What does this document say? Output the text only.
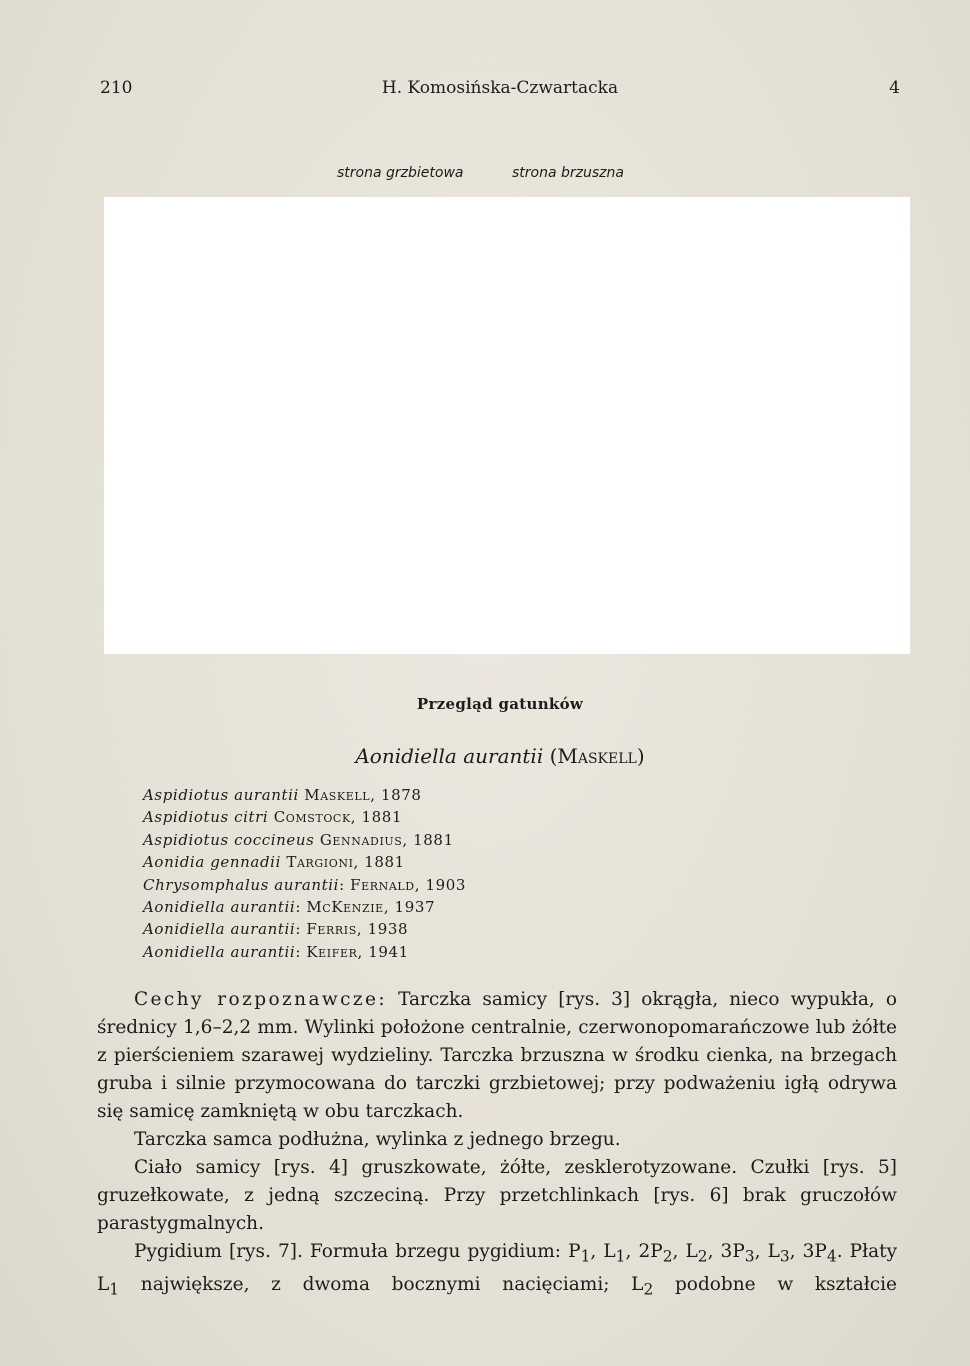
210	H. Komosińska-Czwartacka	4
strona grzbietowa	strona brzuszna
Przegląd gatunków
Aonidiella aurantii (Maskell)
Aspidiotus aurantii Maskell, 1878
Aspidiotus citri Comstock, 1881
Aspidiotus coccineus Gennadius, 1881
Aonidia gennadii Targioni, 1881
Chrysomphalus aurantii: Fernald, 1903
Aonidiella aurantii: McKenzie, 1937
Aonidiella aurantii: Ferris, 1938
Aonidiella aurantii: Keifer, 1941

Cechy rozpoznawcze: Tarczka samicy [rys. 3] okrągła, nieco wypukła, o średnicy 1,6–2,2 mm. Wylinki położone centralnie, czerwonopomarańczowe lub żółte z pierścieniem szarawej wydzieliny. Tarczka brzuszna w środku cienka, na brzegach gruba i silnie przymocowana do tarczki grzbietowej; przy podważeniu igłą odrywa się samicę zamkniętą w obu tarczkach.

Tarczka samca podłużna, wylinka z jednego brzegu.

Ciało samicy [rys. 4] gruszkowate, żółte, zesklerotyzowane. Czułki [rys. 5] gruzełkowate, z jedną szczeciną. Przy przetchlinkach [rys. 6] brak gruczołów parastygmalnych.

Pygidium [rys. 7]. Formuła brzegu pygidium: $P_1$, $L_1$, $2P_2$, $L_2$, $3P_3$, $L_3$, $3P_4$. Płaty $L_1$ największe, z dwoma bocznymi nacięciami; $L_2$ podobne w kształcie
